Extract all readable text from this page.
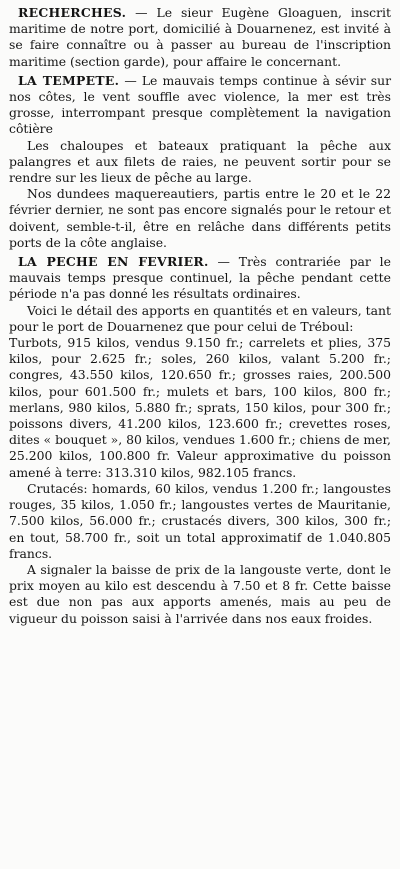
RECHERCHES. — Le sieur Eugène Gloaguen, inscrit maritime de notre port, domicilié à Douarnenez, est invité à se faire connaître ou à passer au bureau de l'inscription maritime (section garde), pour affaire le concernant.

LA TEMPETE. — Le mauvais temps continue à sévir sur nos côtes, le vent souffle avec violence, la mer est très grosse, interrompant presque complètement la navigation côtière

Les chaloupes et bateaux pratiquant la pêche aux palangres et aux filets de raies, ne peuvent sortir pour se rendre sur les lieux de pêche au large.

Nos dundees maquereautiers, partis entre le 20 et le 22 février dernier, ne sont pas encore signalés pour le retour et doivent, semble-t-il, être en relâche dans différents petits ports de la côte anglaise.

LA PECHE EN FEVRIER. — Très contrariée par le mauvais temps presque continuel, la pêche pendant cette période n'a pas donné les résultats ordinaires.

Voici le détail des apports en quantités et en valeurs, tant pour le port de Douarnenez que pour celui de Tréboul:

Turbots, 915 kilos, vendus 9.150 fr.; carrelets et plies, 375 kilos, pour 2.625 fr.; soles, 260 kilos, valant 5.200 fr.; congres, 43.550 kilos, 120.650 fr.; grosses raies, 200.500 kilos, pour 601.500 fr.; mulets et bars, 100 kilos, 800 fr.; merlans, 980 kilos, 5.880 fr.; sprats, 150 kilos, pour 300 fr.; poissons divers, 41.200 kilos, 123.600 fr.; crevettes roses, dites « bouquet », 80 kilos, vendues 1.600 fr.; chiens de mer, 25.200 kilos, 100.800 fr. Valeur approximative du poisson amené à terre: 313.310 kilos, 982.105 francs.

Crutacés: homards, 60 kilos, vendus 1.200 fr.; langoustes rouges, 35 kilos, 1.050 fr.; langoustes vertes de Mauritanie, 7.500 kilos, 56.000 fr.; crustacés divers, 300 kilos, 300 fr.; en tout, 58.700 fr., soit un total approximatif de 1.040.805 francs.

A signaler la baisse de prix de la langouste verte, dont le prix moyen au kilo est descendu à 7.50 et 8 fr. Cette baisse est due non pas aux apports amenés, mais au peu de vigueur du poisson saisi à l'arrivée dans nos eaux froides.
